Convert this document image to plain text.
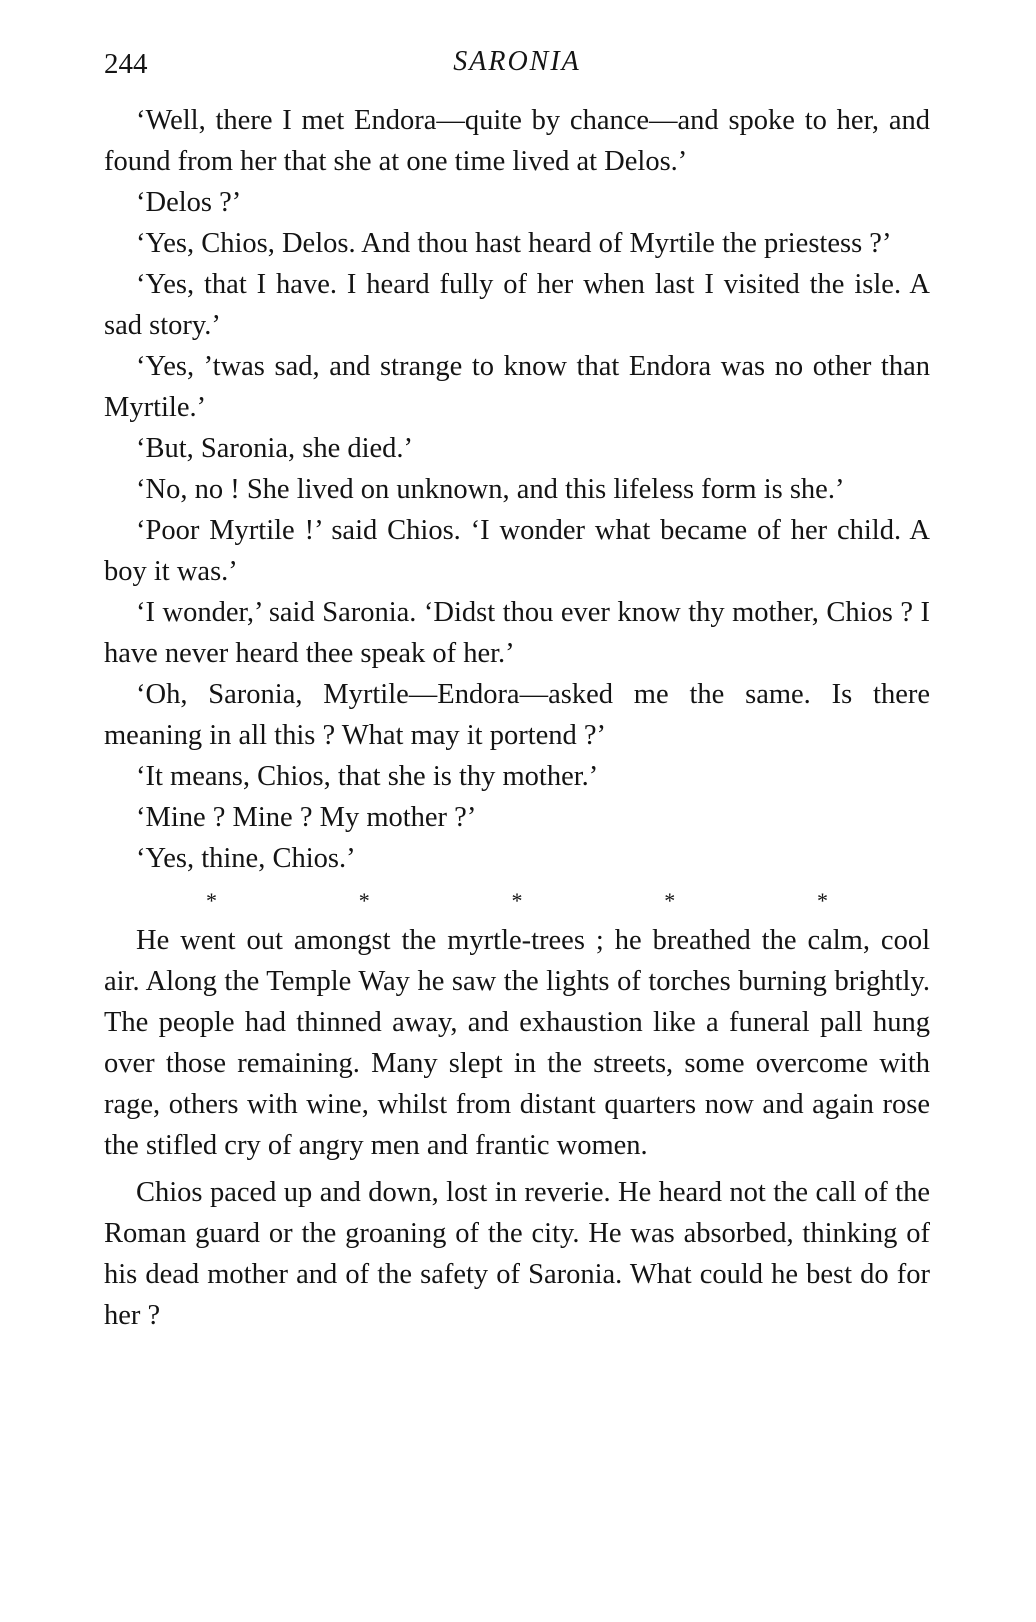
244	SARONIA

‘Well, there I met Endora—quite by chance—and spoke to her, and found from her that she at one time lived at Delos.’

‘Delos ?’

‘Yes, Chios, Delos. And thou hast heard of Myrtile the priestess ?’

‘Yes, that I have. I heard fully of her when last I visited the isle. A sad story.’

‘Yes, ’twas sad, and strange to know that Endora was no other than Myrtile.’

‘But, Saronia, she died.’

‘No, no ! She lived on unknown, and this lifeless form is she.’

‘Poor Myrtile !’ said Chios. ‘I wonder what became of her child. A boy it was.’

‘I wonder,’ said Saronia. ‘Didst thou ever know thy mother, Chios ? I have never heard thee speak of her.’

‘Oh, Saronia, Myrtile—Endora—asked me the same. Is there meaning in all this ? What may it portend ?’

‘It means, Chios, that she is thy mother.’

‘Mine ? Mine ? My mother ?’

‘Yes, thine, Chios.’

*	*	*	*	*

He went out amongst the myrtle-trees ; he breathed the calm, cool air. Along the Temple Way he saw the lights of torches burning brightly. The people had thinned away, and exhaustion like a funeral pall hung over those remaining. Many slept in the streets, some overcome with rage, others with wine, whilst from distant quarters now and again rose the stifled cry of angry men and frantic women.

Chios paced up and down, lost in reverie. He heard not the call of the Roman guard or the groaning of the city. He was absorbed, thinking of his dead mother and of the safety of Saronia. What could he best do for her ?
